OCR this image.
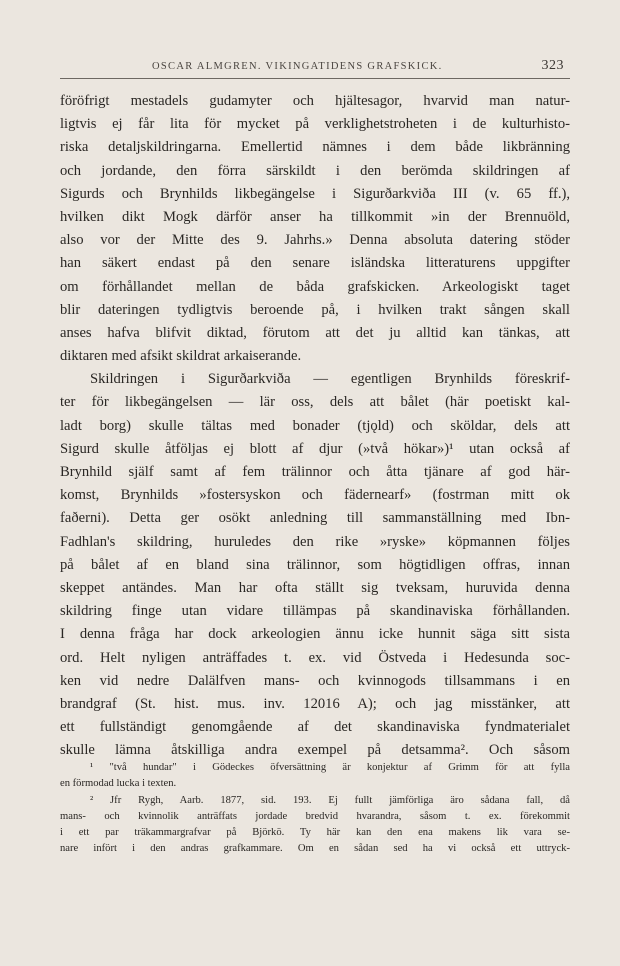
OSCAR ALMGREN. VIKINGATIDENS GRAFSKICK.	323
föröfrigt mestadels gudamyter och hjältesagor, hvarvid man natur-
ligtvis ej får lita för mycket på verklighetstroheten i de kulturhisto-
riska detaljskildringarna. Emellertid nämnes i dem både likbränning
och jordande, den förra särskildt i den berömda skildringen af
Sigurds och Brynhilds likbegängelse i Sigurðarkviða III (v. 65 ff.),
hvilken dikt Mogk därför anser ha tillkommit »in der Brennuöld,
also vor der Mitte des 9. Jahrhs.» Denna absoluta datering stöder
han säkert endast på den senare isländska litteraturens uppgifter
om förhållandet mellan de båda grafskicken. Arkeologiskt taget
blir dateringen tydligtvis beroende på, i hvilken trakt sången skall
anses hafva blifvit diktad, förutom att det ju alltid kan tänkas, att
diktaren med afsikt skildrat arkaiserande.
Skildringen i Sigurðarkviða — egentligen Brynhilds föreskrif-
ter för likbegängelsen — lär oss, dels att bålet (här poetiskt kal-
ladt borg) skulle tältas med bonader (tjǫld) och sköldar, dels att
Sigurd skulle åtföljas ej blott af djur (»två hökar»)¹ utan också af
Brynhild själf samt af fem trälinnor och åtta tjänare af god här-
komst, Brynhilds »fostersyskon och fädernearf» (fostrman mitt ok
faðerni). Detta ger osökt anledning till sammanställning med Ibn-
Fadhlan's skildring, huruledes den rike »ryske» köpmannen följes
på bålet af en bland sina trälinnor, som högtidligen offras, innan
skeppet antändes. Man har ofta ställt sig tveksam, huruvida denna
skildring finge utan vidare tillämpas på skandinaviska förhållanden.
I denna fråga har dock arkeologien ännu icke hunnit säga sitt sista
ord. Helt nyligen anträffades t. ex. vid Östveda i Hedesunda soc-
ken vid nedre Dalälfven mans- och kvinnogods tillsammans i en
brandgraf (St. hist. mus. inv. 12016 A); och jag misstänker, att
ett fullständigt genomgående af det skandinaviska fyndmaterialet
skulle lämna åtskilliga andra exempel på detsamma². Och såsom
¹ "två hundar" i Gödeckes öfversättning är konjektur af Grimm för att fylla
en förmodad lucka i texten.
² Jfr Rygh, Aarb. 1877, sid. 193. Ej fullt jämförliga äro sådana fall, då
mans- och kvinnolik anträffats jordade bredvid hvarandra, såsom t. ex. förekommit
i ett par träkammargrafvar på Björkö. Ty här kan den ena makens lik vara se-
nare infört i den andras grafkammare. Om en sådan sed ha vi också ett uttryck-
